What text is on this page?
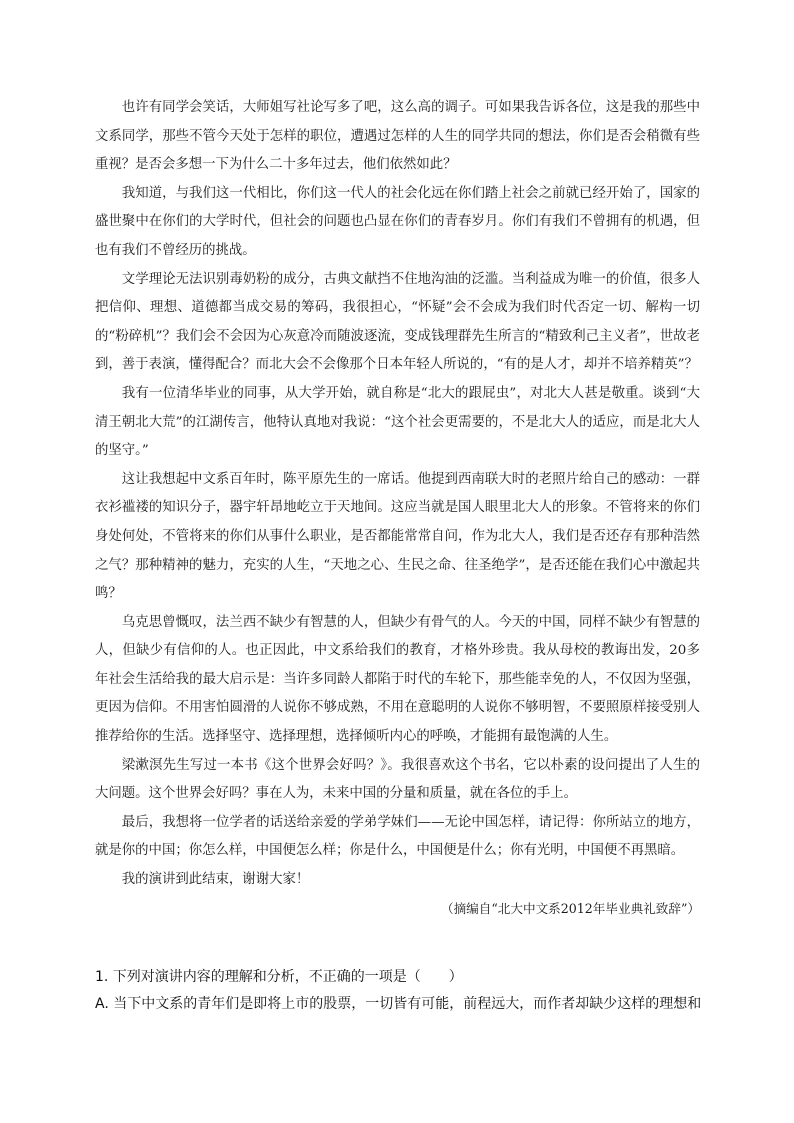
也许有同学会笑话，大师姐写社论写多了吧，这么高的调子。可如果我告诉各位，这是我的那些中文系同学，那些不管今天处于怎样的职位，遭遇过怎样的人生的同学共同的想法，你们是否会稍微有些重视？是否会多想一下为什么二十多年过去，他们依然如此？

我知道，与我们这一代相比，你们这一代人的社会化远在你们踏上社会之前就已经开始了，国家的盛世聚中在你们的大学时代，但社会的问题也凸显在你们的青春岁月。你们有我们不曾拥有的机遇，但也有我们不曾经历的挑战。

文学理论无法识别毒奶粉的成分，古典文献挡不住地沟油的泛滥。当利益成为唯一的价值，很多人把信仰、理想、道德都当成交易的筹码，我很担心，“怀疑”会不会成为我们时代否定一切、解构一切的“粉碎机”？我们会不会因为心灰意冷而随波逐流，变成钱理群先生所言的“精致利己主义者”，世故老到，善于表演，懂得配合？而北大会不会像那个日本年轻人所说的，“有的是人才，却并不培养精英”？

我有一位清华毕业的同事，从大学开始，就自称是“北大的跟屁虫”，对北大人甚是敬重。谈到“大清王朝北大荒”的江湖传言，他特认真地对我说：“这个社会更需要的，不是北大人的适应，而是北大人的坚守。”

这让我想起中文系百年时，陈平原先生的一席话。他提到西南联大时的老照片给自己的感动：一群衣衫褴褛的知识分子，器宇轩昂地屹立于天地间。这应当就是国人眼里北大人的形象。不管将来的你们身处何处，不管将来的你们从事什么职业，是否都能常常自问，作为北大人，我们是否还存有那种浩然之气？那种精神的魅力，充实的人生，“天地之心、生民之命、往圣绝学”，是否还能在我们心中激起共鸣？

乌克思曾慨叹，法兰西不缺少有智慧的人，但缺少有骨气的人。今天的中国，同样不缺少有智慧的人，但缺少有信仰的人。也正因此，中文系给我们的教育，才格外珍贵。我从母校的教诲出发，20多年社会生活给我的最大启示是：当许多同龄人都陷于时代的车轮下，那些能幸免的人，不仅因为坚强，更因为信仰。不用害怕圆滑的人说你不够成熟，不用在意聪明的人说你不够明智，不要照原样接受别人推荐给你的生活。选择坚守、选择理想，选择倾听内心的呼唤，才能拥有最饱满的人生。

梁漱溟先生写过一本书《这个世界会好吗？》。我很喜欢这个书名，它以朴素的设问提出了人生的大问题。这个世界会好吗？事在人为，未来中国的分量和质量，就在各位的手上。

最后，我想将一位学者的话送给亲爱的学弟学妹们——无论中国怎样，请记得：你所站立的地方，就是你的中国；你怎么样，中国便怎么样；你是什么，中国便是什么；你有光明，中国便不再黑暗。

我的演讲到此结束，谢谢大家！

（摘编自“北大中文系2012年毕业典礼致辞”）

1. 下列对演讲内容的理解和分析，不正确的一项是（　　）

A. 当下中文系的青年们是即将上市的股票，一切皆有可能，前程远大，而作者却缺少这样的理想和
